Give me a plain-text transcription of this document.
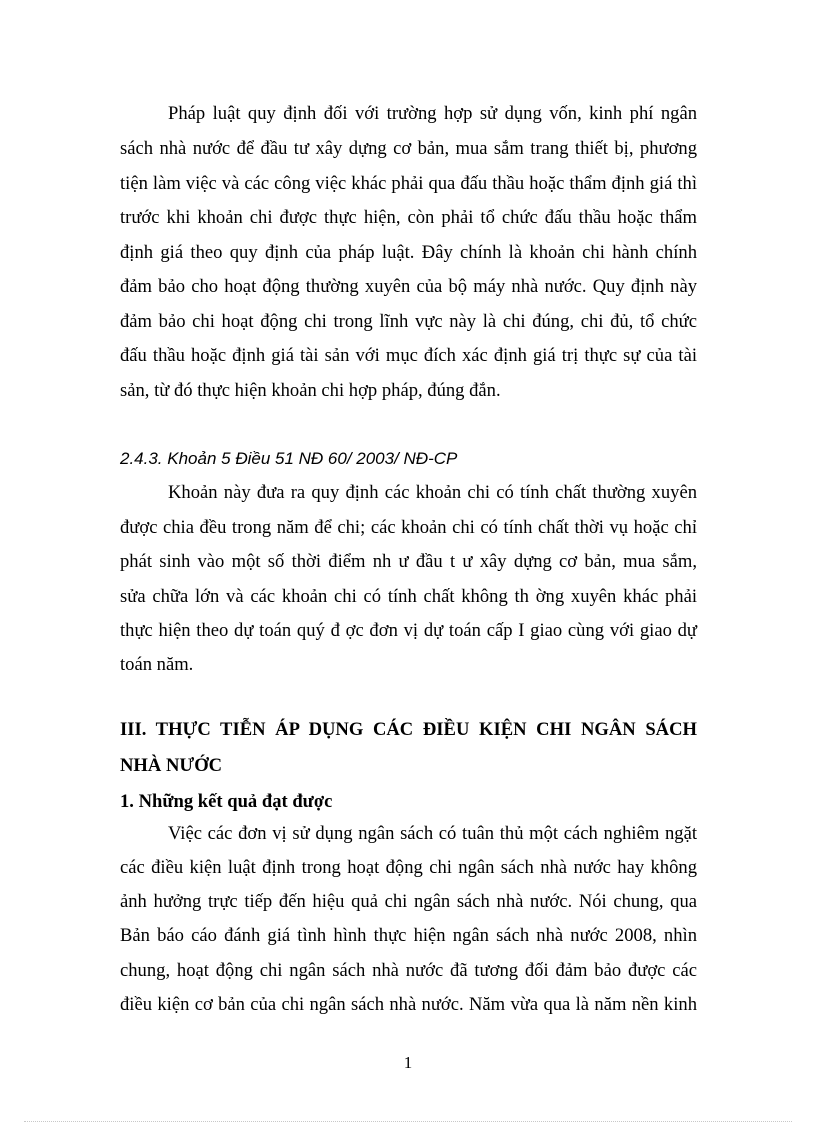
Pháp luật quy định đối với trường hợp sử dụng vốn, kinh phí ngân
sách nhà nước để đầu tư xây dựng cơ bản, mua sắm trang thiết bị, phương
tiện làm việc và các công việc khác phải qua đấu thầu hoặc thẩm định giá thì
trước khi khoản chi được thực hiện, còn phải tổ chức đấu thầu hoặc thẩm
định giá theo quy định của pháp luật. Đây chính là khoản chi hành chính
đảm bảo cho hoạt động thường xuyên của bộ máy nhà nước. Quy định này
đảm bảo chi hoạt động chi trong lĩnh vực này là chi đúng, chi đủ, tổ chức
đấu thầu hoặc định giá tài sản với mục đích xác định giá trị thực sự của tài
sản, từ đó thực hiện khoản chi hợp pháp, đúng đắn.
2.4.3. Khoản 5 Điều 51 NĐ 60/ 2003/ NĐ-CP
Khoản này đưa ra quy định các khoản chi có tính chất thường xuyên
được chia đều trong năm để chi; các khoản chi có tính chất thời vụ hoặc chỉ
phát sinh vào một số thời điểm nh ư đầu t ư xây dựng cơ bản, mua sắm,
sửa chữa lớn và các khoản chi có tính chất không th ờng xuyên khác phải
thực hiện theo dự toán quý đ ợc đơn vị dự toán cấp I giao cùng với giao dự
toán năm.
III. THỰC TIỄN ÁP DỤNG CÁC ĐIỀU KIỆN CHI NGÂN SÁCH
NHÀ NƯỚC
1. Những kết quả đạt được
Việc các đơn vị sử dụng ngân sách có tuân thủ một cách nghiêm ngặt
các điều kiện luật định trong hoạt động chi ngân sách nhà nước hay không
ảnh hưởng trực tiếp đến hiệu quả chi ngân sách nhà nước. Nói chung, qua
Bản báo cáo đánh giá tình hình thực hiện ngân sách nhà nước 2008, nhìn
chung, hoạt động chi ngân sách nhà nước đã tương đối đảm bảo được các
điều kiện cơ bản của chi ngân sách nhà nước. Năm vừa qua là năm nền kinh
1
